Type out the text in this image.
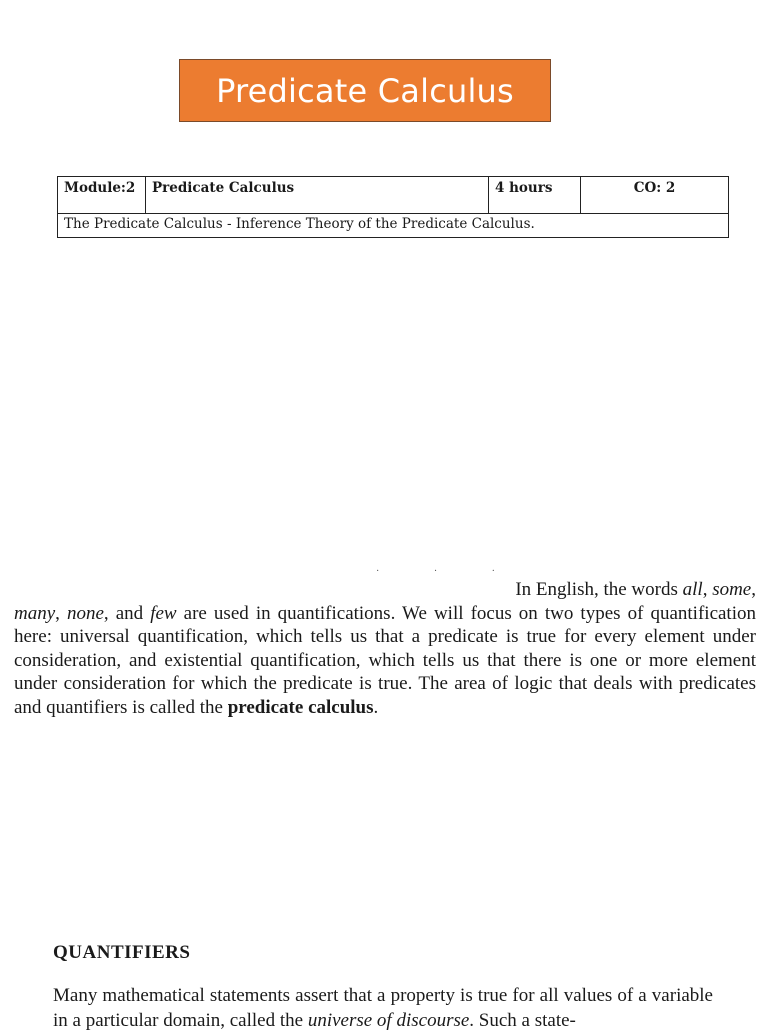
Predicate Calculus
Module:2	Predicate Calculus	4 hours	CO: 2
The Predicate Calculus - Inference Theory of the Predicate Calculus.
· · ·

In English, the words all, some,
many, none, and few are used in quantifications. We will focus on two types of quantification here: universal quantification, which tells us that a predicate is true for every element under consideration, and existential quantification, which tells us that there is one or more element under consideration for which the predicate is true. The area of logic that deals with predicates and quantifiers is called the predicate calculus.

QUANTIFIERS

Many mathematical statements assert that a property is true for all values of a variable in a particular domain, called the universe of discourse. Such a state-
